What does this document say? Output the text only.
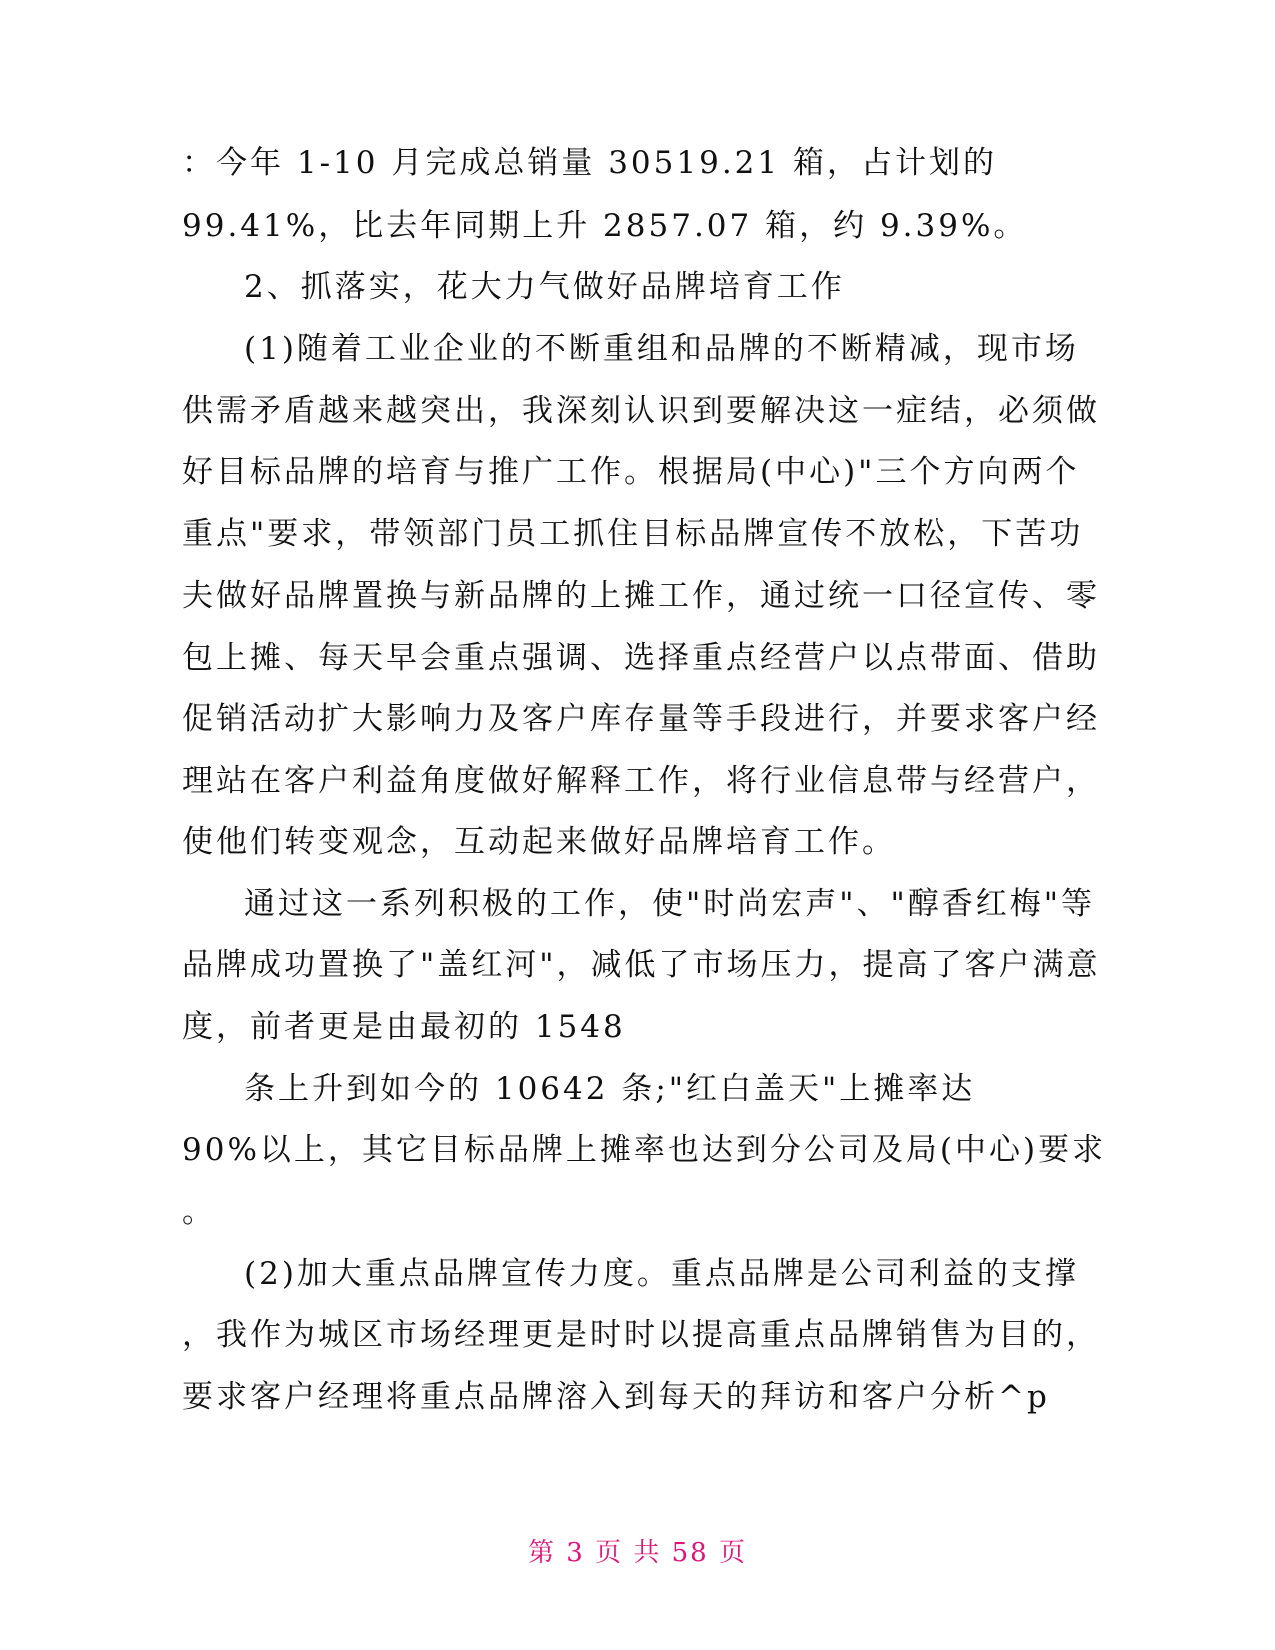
：今年 1-10 月完成总销量 30519.21 箱，占计划的
99.41%，比去年同期上升 2857.07 箱，约 9.39%。
2、抓落实，花大力气做好品牌培育工作
(1)随着工业企业的不断重组和品牌的不断精减，现市场
供需矛盾越来越突出，我深刻认识到要解决这一症结，必须做
好目标品牌的培育与推广工作。根据局(中心)"三个方向两个
重点"要求，带领部门员工抓住目标品牌宣传不放松，下苦功
夫做好品牌置换与新品牌的上摊工作，通过统一口径宣传、零
包上摊、每天早会重点强调、选择重点经营户以点带面、借助
促销活动扩大影响力及客户库存量等手段进行，并要求客户经
理站在客户利益角度做好解释工作，将行业信息带与经营户，
使他们转变观念，互动起来做好品牌培育工作。
通过这一系列积极的工作，使"时尚宏声"、"醇香红梅"等
品牌成功置换了"盖红河"，减低了市场压力，提高了客户满意
度，前者更是由最初的 1548
条上升到如今的 10642 条;"红白盖天"上摊率达
90%以上，其它目标品牌上摊率也达到分公司及局(中心)要求
。
(2)加大重点品牌宣传力度。重点品牌是公司利益的支撑
，我作为城区市场经理更是时时以提高重点品牌销售为目的，
要求客户经理将重点品牌溶入到每天的拜访和客户分析^p
第 3 页 共 58 页
